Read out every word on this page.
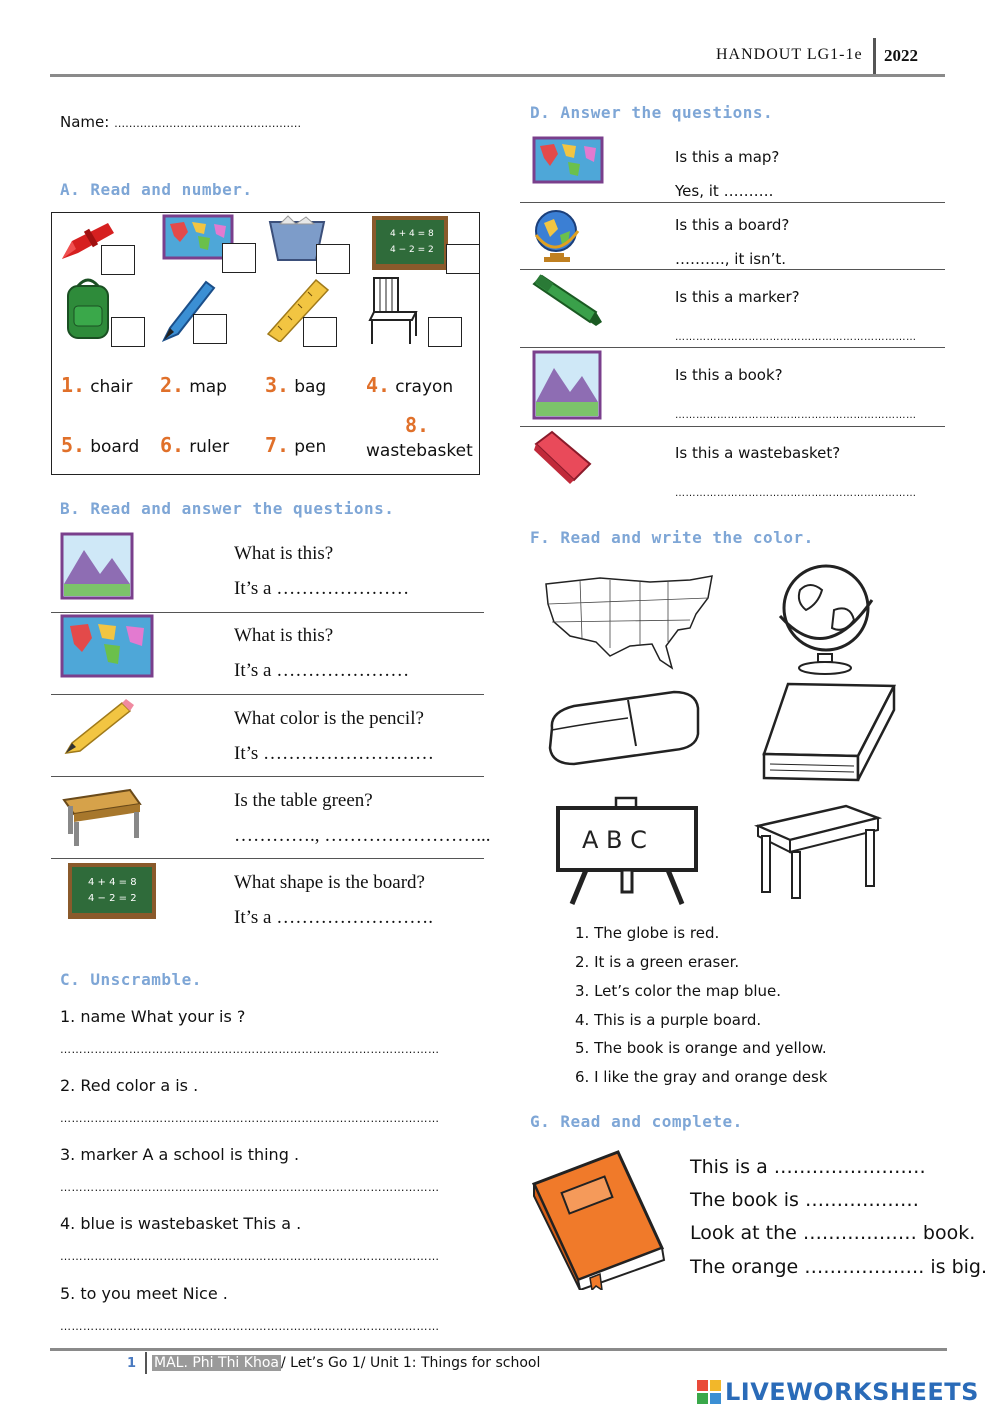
HANDOUT LG1-1e 2022
Name: ……………………………………………
A. Read and number.
4 + 4 = 8
4 − 2 = 2
1. chair 2. map 3. bag 4. crayon
5. board 6. ruler 7. pen
8.
wastebasket
B. Read and answer the questions.
What is this?
It’s a …………………
What is this?
It’s a …………………
What color is the pencil?
It’s ………………………
Is the table green?
…………., ……………………...
4 + 4 = 8
4 − 2 = 2
What shape is the board?
It’s a …………………….
C. Unscramble.
1. name What your is ?
………………………………………………………………………………………
2. Red color a is .
………………………………………………………………………………………
3. marker A a school is thing .
………………………………………………………………………………………
4. blue is wastebasket This a .
………………………………………………………………………………………
5. to you meet Nice .
………………………………………………………………………………………
D. Answer the questions.
Is this a map?
Yes, it ……….
Is this a board?
………., it isn’t.
Is this a marker?
……………………………………………………………
Is this a book?
……………………………………………………………
Is this a wastebasket?
……………………………………………………………
F. Read and write the color.
A B C
1. The globe is red.
2. It is a green eraser.
3. Let’s color the map blue.
4. This is a purple board.
5. The book is orange and yellow.
6. I like the gray and orange desk
G. Read and complete.
This is a ……………………
The book is ………………
Look at the ……………… book.
The orange ………………. is big.
1 MAL. Phi Thi Khoa / Let’s Go 1/ Unit 1: Things for school
LIVEWORKSHEETS
